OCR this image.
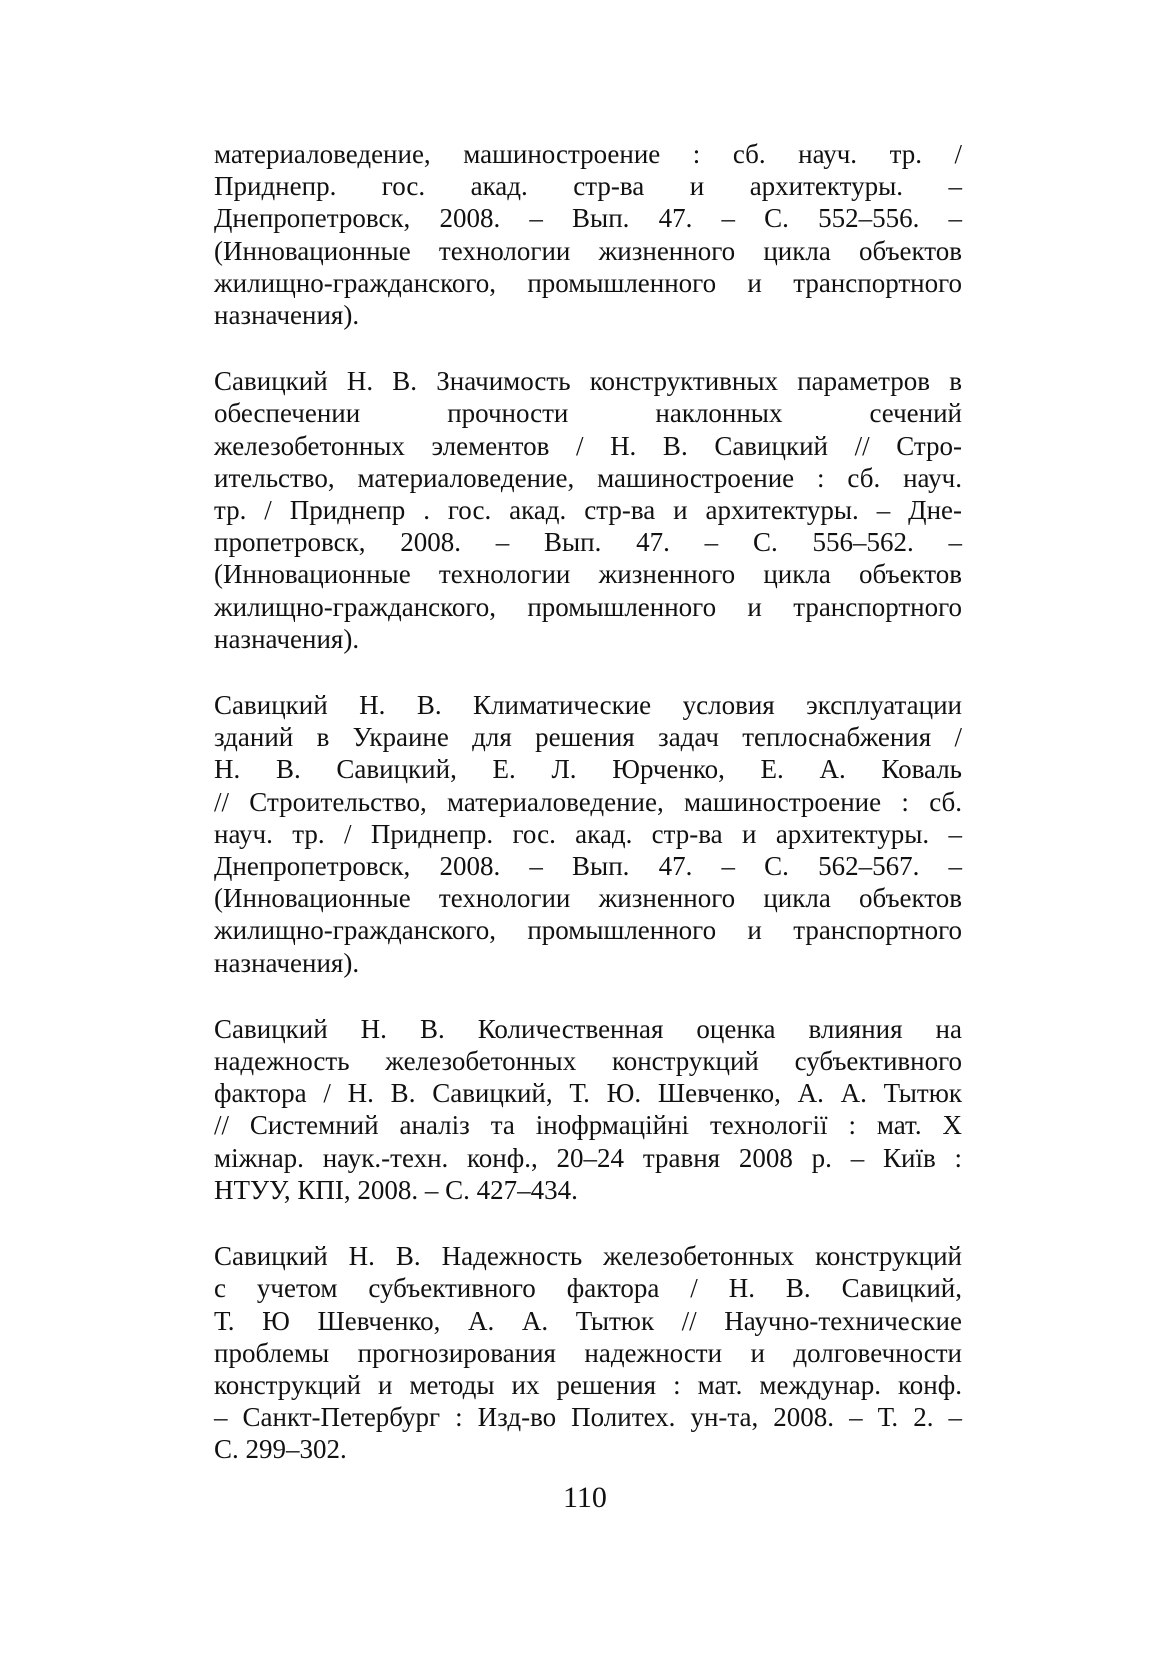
материаловедение, машиностроение : сб. науч. тр. /
Приднепр. гос. акад. стр-ва и архитектуры. –
Днепропетровск, 2008. – Вып. 47. – С. 552–556. –
(Инновационные технологии жизненного цикла объектов
жилищно-гражданского, промышленного и транспортного
назначения).
Савицкий Н. В. Значимость конструктивных параметров в
обеспечении прочности наклонных сечений
железобетонных элементов / Н. В. Савицкий // Стро-
ительство, материаловедение, машиностроение : сб. науч.
тр. / Приднепр . гос. акад. стр-ва и архитектуры. – Дне-
пропетровск, 2008. – Вып. 47. – С. 556–562. –
(Инновационные технологии жизненного цикла объектов
жилищно-гражданского, промышленного и транспортного
назначения).
Савицкий Н. В. Климатические условия эксплуатации
зданий в Украине для решения задач теплоснабжения /
Н. В. Савицкий, Е. Л. Юрченко, Е. А. Коваль
// Строительство, материаловедение, машиностроение : сб.
науч. тр. / Приднепр. гос. акад. стр-ва и архитектуры. –
Днепропетровск, 2008. – Вып. 47. – С. 562–567. –
(Инновационные технологии жизненного цикла объектов
жилищно-гражданского, промышленного и транспортного
назначения).
Савицкий Н. В. Количественная оценка влияния на
надежность железобетонных конструкций субъективного
фактора / Н. В. Савицкий, Т. Ю. Шевченко, А. А. Тытюк
// Системний аналіз та інофрмаційні технології : мат. Х
міжнар. наук.-техн. конф., 20–24 травня 2008 р. – Київ :
НТУУ, КПІ, 2008. – С. 427–434.
Савицкий Н. В. Надежность железобетонных конструкций
с учетом субъективного фактора / Н. В. Савицкий,
Т. Ю Шевченко, А. А. Тытюк // Научно-технические
проблемы прогнозирования надежности и долговечности
конструкций и методы их решения : мат. междунар. конф.
– Санкт-Петербург : Изд-во Политех. ун-та, 2008. – Т. 2. –
С. 299–302.
110
